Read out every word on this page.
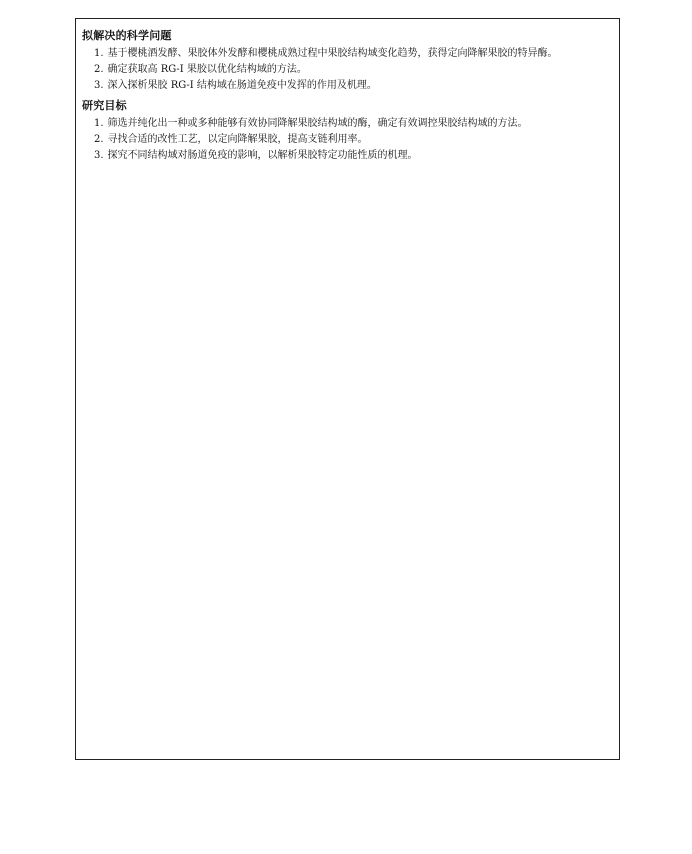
拟解决的科学问题
1. 基于樱桃酒发酵、果胶体外发酵和樱桃成熟过程中果胶结构域变化趋势，获得定向降解果胶的特异酶。
2. 确定获取高 RG-I 果胶以优化结构域的方法。
3. 深入探析果胶 RG-I 结构域在肠道免疫中发挥的作用及机理。
研究目标
1. 筛选并纯化出一种或多种能够有效协同降解果胶结构域的酶，确定有效调控果胶结构域的方法。
2. 寻找合适的改性工艺，以定向降解果胶，提高支链利用率。
3. 探究不同结构域对肠道免疫的影响，以解析果胶特定功能性质的机理。
